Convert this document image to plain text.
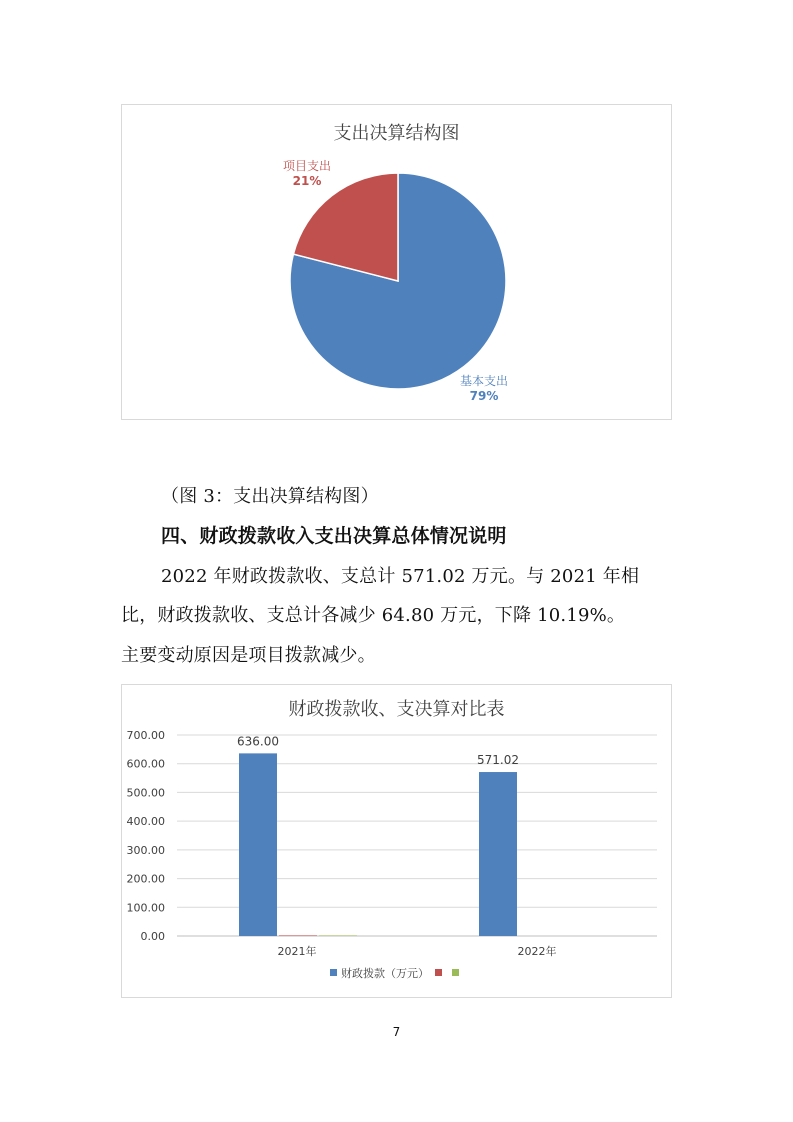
支出决算结构图
基本支出
79%
项目支出
21%
（图 3：支出决算结构图）
四、财政拨款收入支出决算总体情况说明
2022 年财政拨款收、支总计 571.02 万元。与 2021 年相
比，财政拨款收、支总计各减少 64.80 万元，下降 10.19%。
主要变动原因是项目拨款减少。
财政拨款收、支决算对比表
0.00
100.00
200.00
300.00
400.00
500.00
600.00
700.00	636.00
2021年
571.02
2022年
财政拨款（万元）
7
